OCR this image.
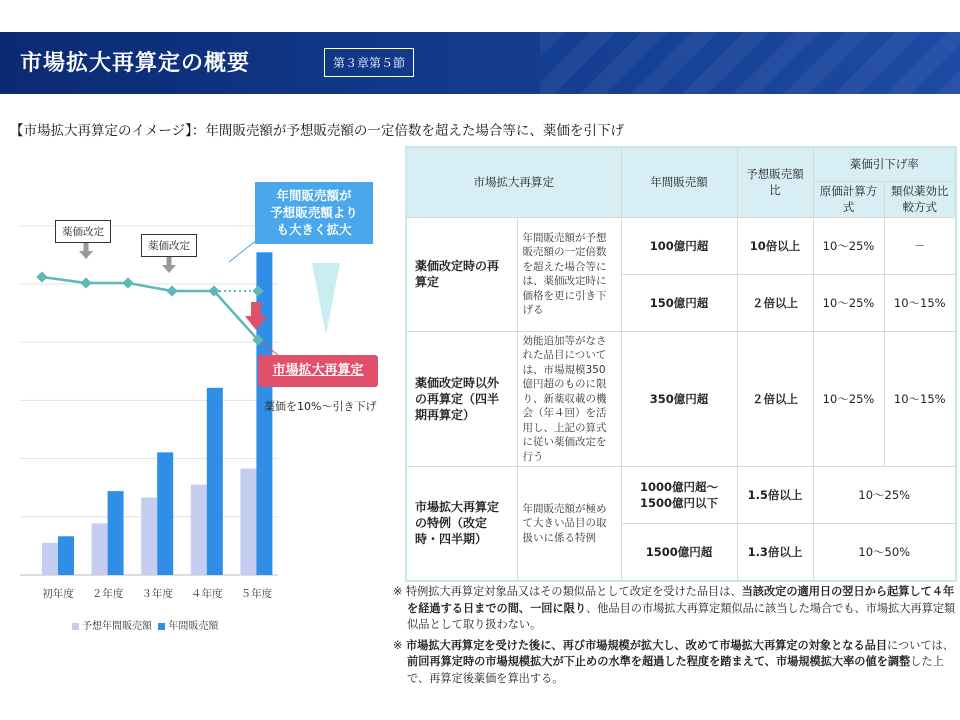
市場拡大再算定の概要	第３章第５節
【市場拡大再算定のイメージ】：年間販売額が予想販売額の一定倍数を超えた場合等に、薬価を引下げ
初年度 ２年度 ３年度 ４年度 ５年度
薬価改定
薬価改定
年間販売額が
予想販売額より
も大きく拡大
市場拡大再算定
薬価を10%～引き下げ
予想年間販売額 年間販売額
市場拡大再算定		年間販売額	予想販売額比	薬価引下げ率	
				原価計算方式	類似薬効比較方式
薬価改定時の再算定	年間販売額が予想販売額の一定倍数を超えた場合等には、薬価改定時に価格を更に引き下げる	100億円超	10倍以上	10～25%	－
		150億円超	２倍以上	10～25%	10～15%
薬価改定時以外の再算定（四半期再算定）	効能追加等がなされた品目については、市場規模350億円超のものに限り、新薬収載の機会（年４回）を活用し、上記の算式に従い薬価改定を行う	350億円超	２倍以上	10～25%	10～15%
市場拡大再算定の特例（改定時・四半期）	年間販売額が極めて大きい品目の取扱いに係る特例	1000億円超～1500億円以下	1.5倍以上	10～25%	
		1500億円超	1.3倍以上	10～50%	
※ 特例拡大再算定対象品又はその類似品として改定を受けた品目は、当該改定の適用日の翌日から起算して４年を経過する日までの間、一回に限り、他品目の市場拡大再算定類似品に該当した場合でも、市場拡大再算定類似品として取り扱わない。
※ 市場拡大再算定を受けた後に、再び市場規模が拡大し、改めて市場拡大再算定の対象となる品目については、前回再算定時の市場規模拡大が下止めの水準を超過した程度を踏まえて、市場規模拡大率の値を調整した上で、再算定後薬価を算出する。
